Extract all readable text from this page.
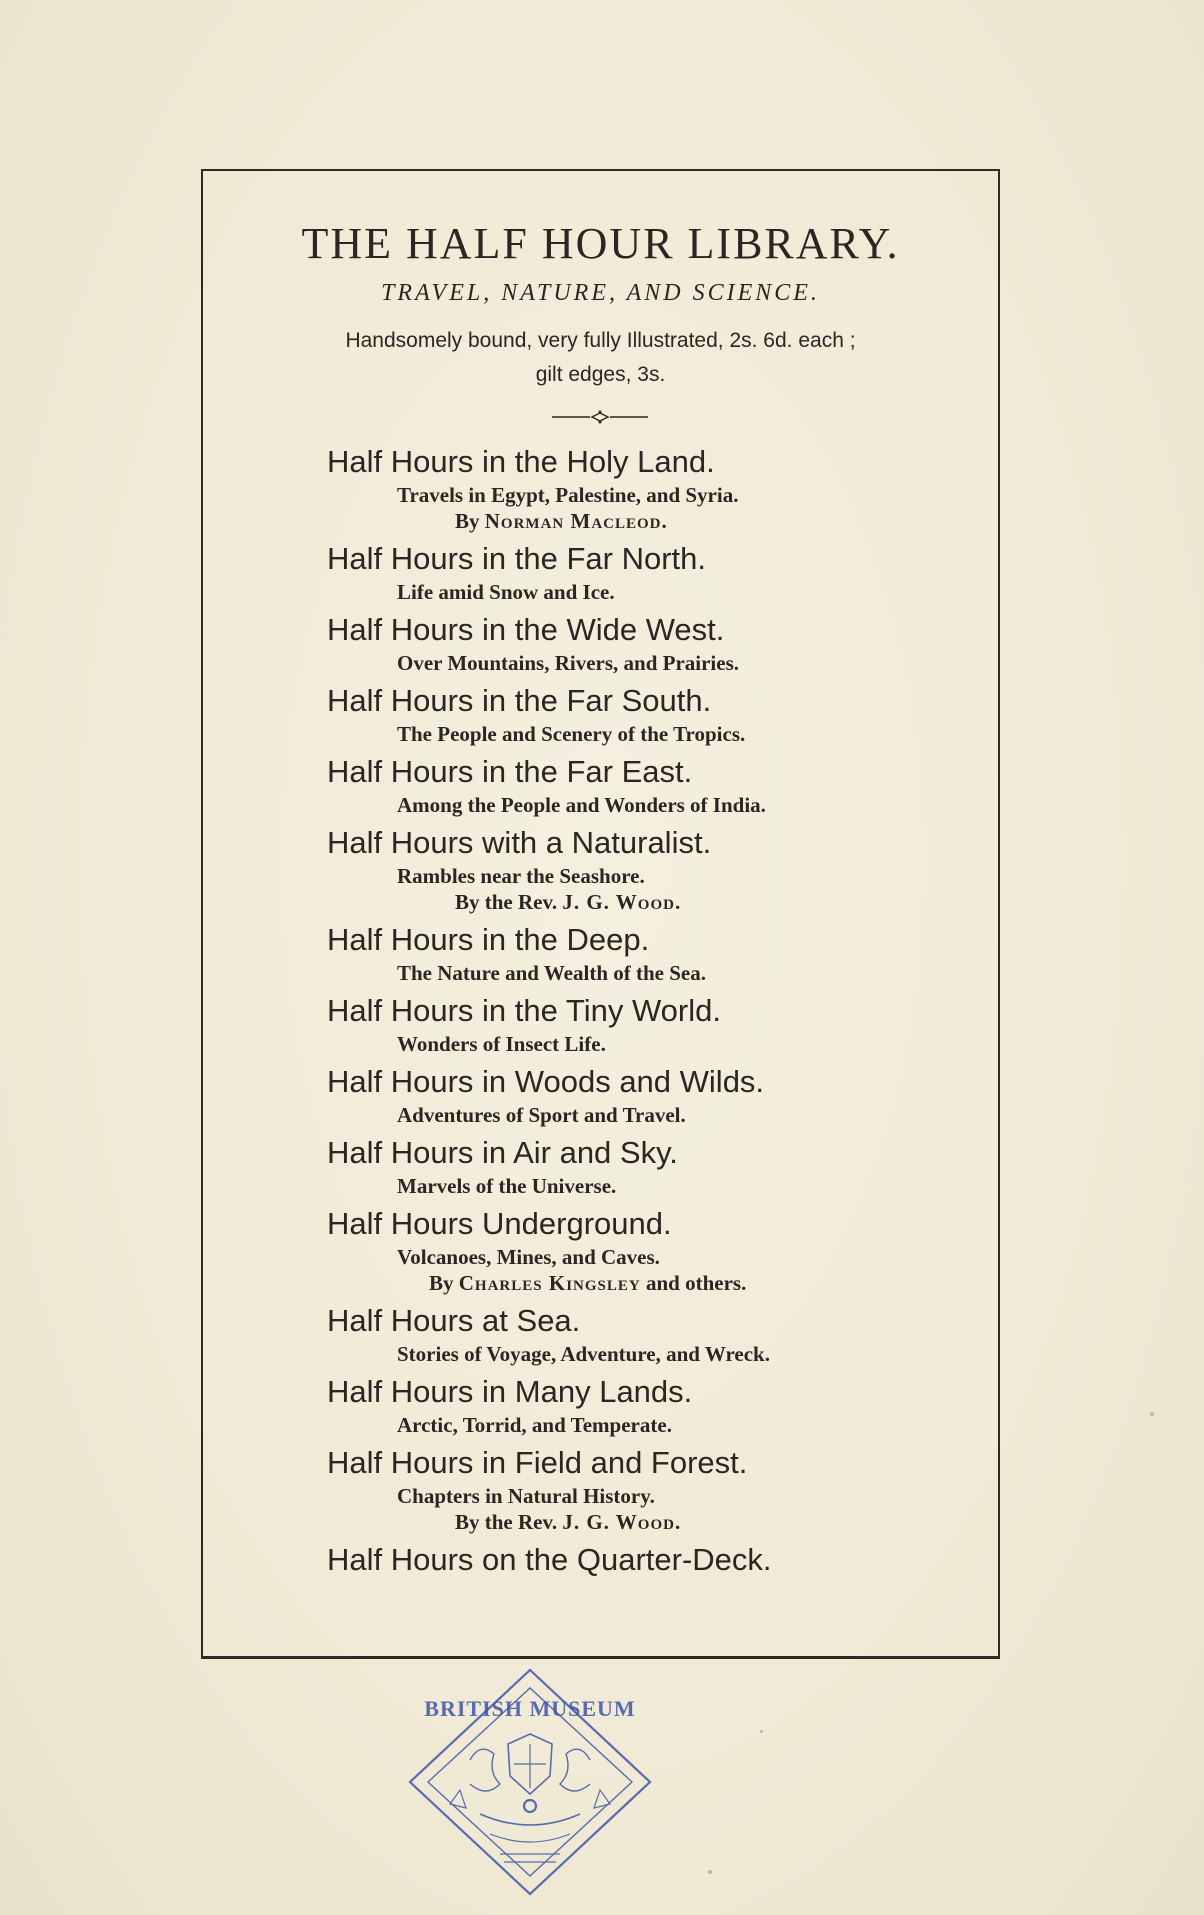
THE HALF HOUR LIBRARY.
TRAVEL, NATURE, AND SCIENCE.
Handsomely bound, very fully Illustrated, 2s. 6d. each ;
gilt edges, 3s.
Half Hours in the Holy Land.
Travels in Egypt, Palestine, and Syria.
By Norman Macleod.
Half Hours in the Far North.
Life amid Snow and Ice.
Half Hours in the Wide West.
Over Mountains, Rivers, and Prairies.
Half Hours in the Far South.
The People and Scenery of the Tropics.
Half Hours in the Far East.
Among the People and Wonders of India.
Half Hours with a Naturalist.
Rambles near the Seashore.
By the Rev. J. G. Wood.
Half Hours in the Deep.
The Nature and Wealth of the Sea.
Half Hours in the Tiny World.
Wonders of Insect Life.
Half Hours in Woods and Wilds.
Adventures of Sport and Travel.
Half Hours in Air and Sky.
Marvels of the Universe.
Half Hours Underground.
Volcanoes, Mines, and Caves.
By Charles Kingsley and others.
Half Hours at Sea.
Stories of Voyage, Adventure, and Wreck.
Half Hours in Many Lands.
Arctic, Torrid, and Temperate.
Half Hours in Field and Forest.
Chapters in Natural History.
By the Rev. J. G. Wood.
Half Hours on the Quarter-Deck.
BRITISH MUSEUM
